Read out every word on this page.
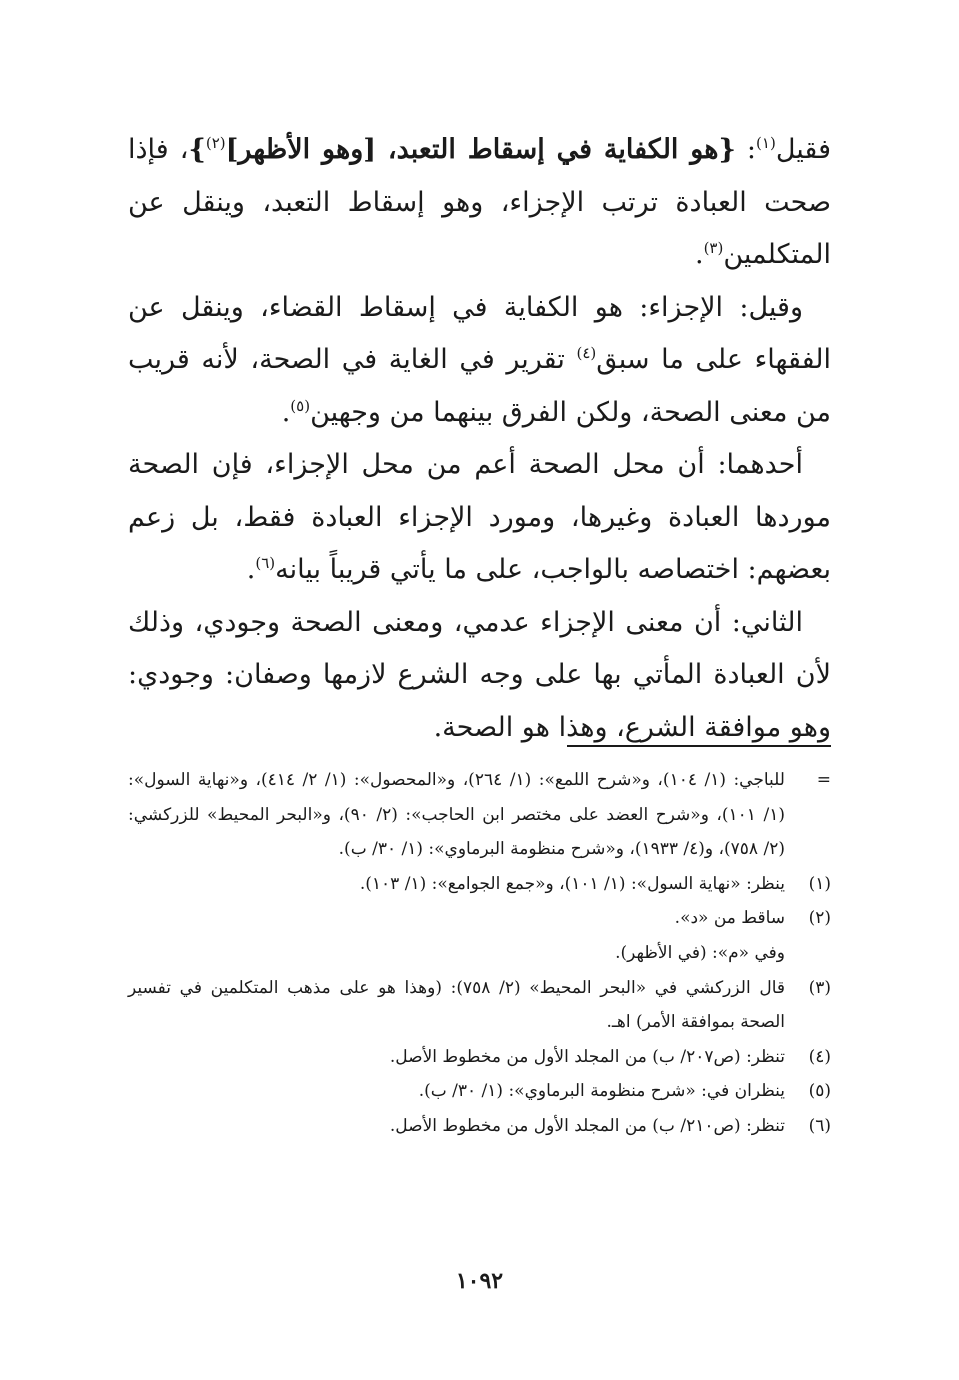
فقيل$^{(١)}$: {هو الكفاية في إسقاط التعبد، [وهو الأظهر]$^{(٢)}$}، فإذا صحت العبادة ترتب الإجزاء، وهو إسقاط التعبد، وينقل عن المتكلمين$^{(٣)}$.

وقيل: الإجزاء: هو الكفاية في إسقاط القضاء، وينقل عن الفقهاء على ما سبق$^{(٤)}$ تقرير في الغاية في الصحة، لأنه قريب من معنى الصحة، ولكن الفرق بينهما من وجهين$^{(٥)}$.

أحدهما: أن محل الصحة أعم من محل الإجزاء، فإن الصحة موردها العبادة وغيرها، ومورد الإجزاء العبادة فقط، بل زعم بعضهم: اختصاصه بالواجب، على ما يأتي قريباً بيانه$^{(٦)}$.

الثاني: أن معنى الإجزاء عدمي، ومعنى الصحة وجودي، وذلك لأن العبادة المأتي بها على وجه الشرع لازمها وصفان: وجودي: وهو موافقة الشرع، وهذا هو الصحة.

=
للباجي: (١/ ١٠٤)، و«شرح اللمع»: (١/ ٢٦٤)، و«المحصول»: (١/ ٢/ ٤١٤)، و«نهاية السول»: (١/ ١٠١)، و«شرح العضد على مختصر ابن الحاجب»: (٢/ ٩٠)، و«البحر المحيط» للزركشي: (٢/ ٧٥٨)، و(٤/ ١٩٣٣)، و«شرح منظومة البرماوي»: (١/ ٣٠/ ب).
(١)
ينظر: «نهاية السول»: (١/ ١٠١)، و«جمع الجوامع»: (١/ ١٠٣).
(٢)
ساقط من «د».
وفي «م»: (في الأظهر).
(٣)
قال الزركشي في «البحر المحيط» (٢/ ٧٥٨): (وهذا هو على مذهب المتكلمين في تفسير الصحة بموافقة الأمر) اهـ.
(٤)
تنظر: (ص٢٠٧/ ب) من المجلد الأول من مخطوط الأصل.
(٥)
ينظران في: «شرح منظومة البرماوي»: (١/ ٣٠/ ب).
(٦)
تنظر: (ص٢١٠/ ب) من المجلد الأول من مخطوط الأصل.
١٠٩٢
